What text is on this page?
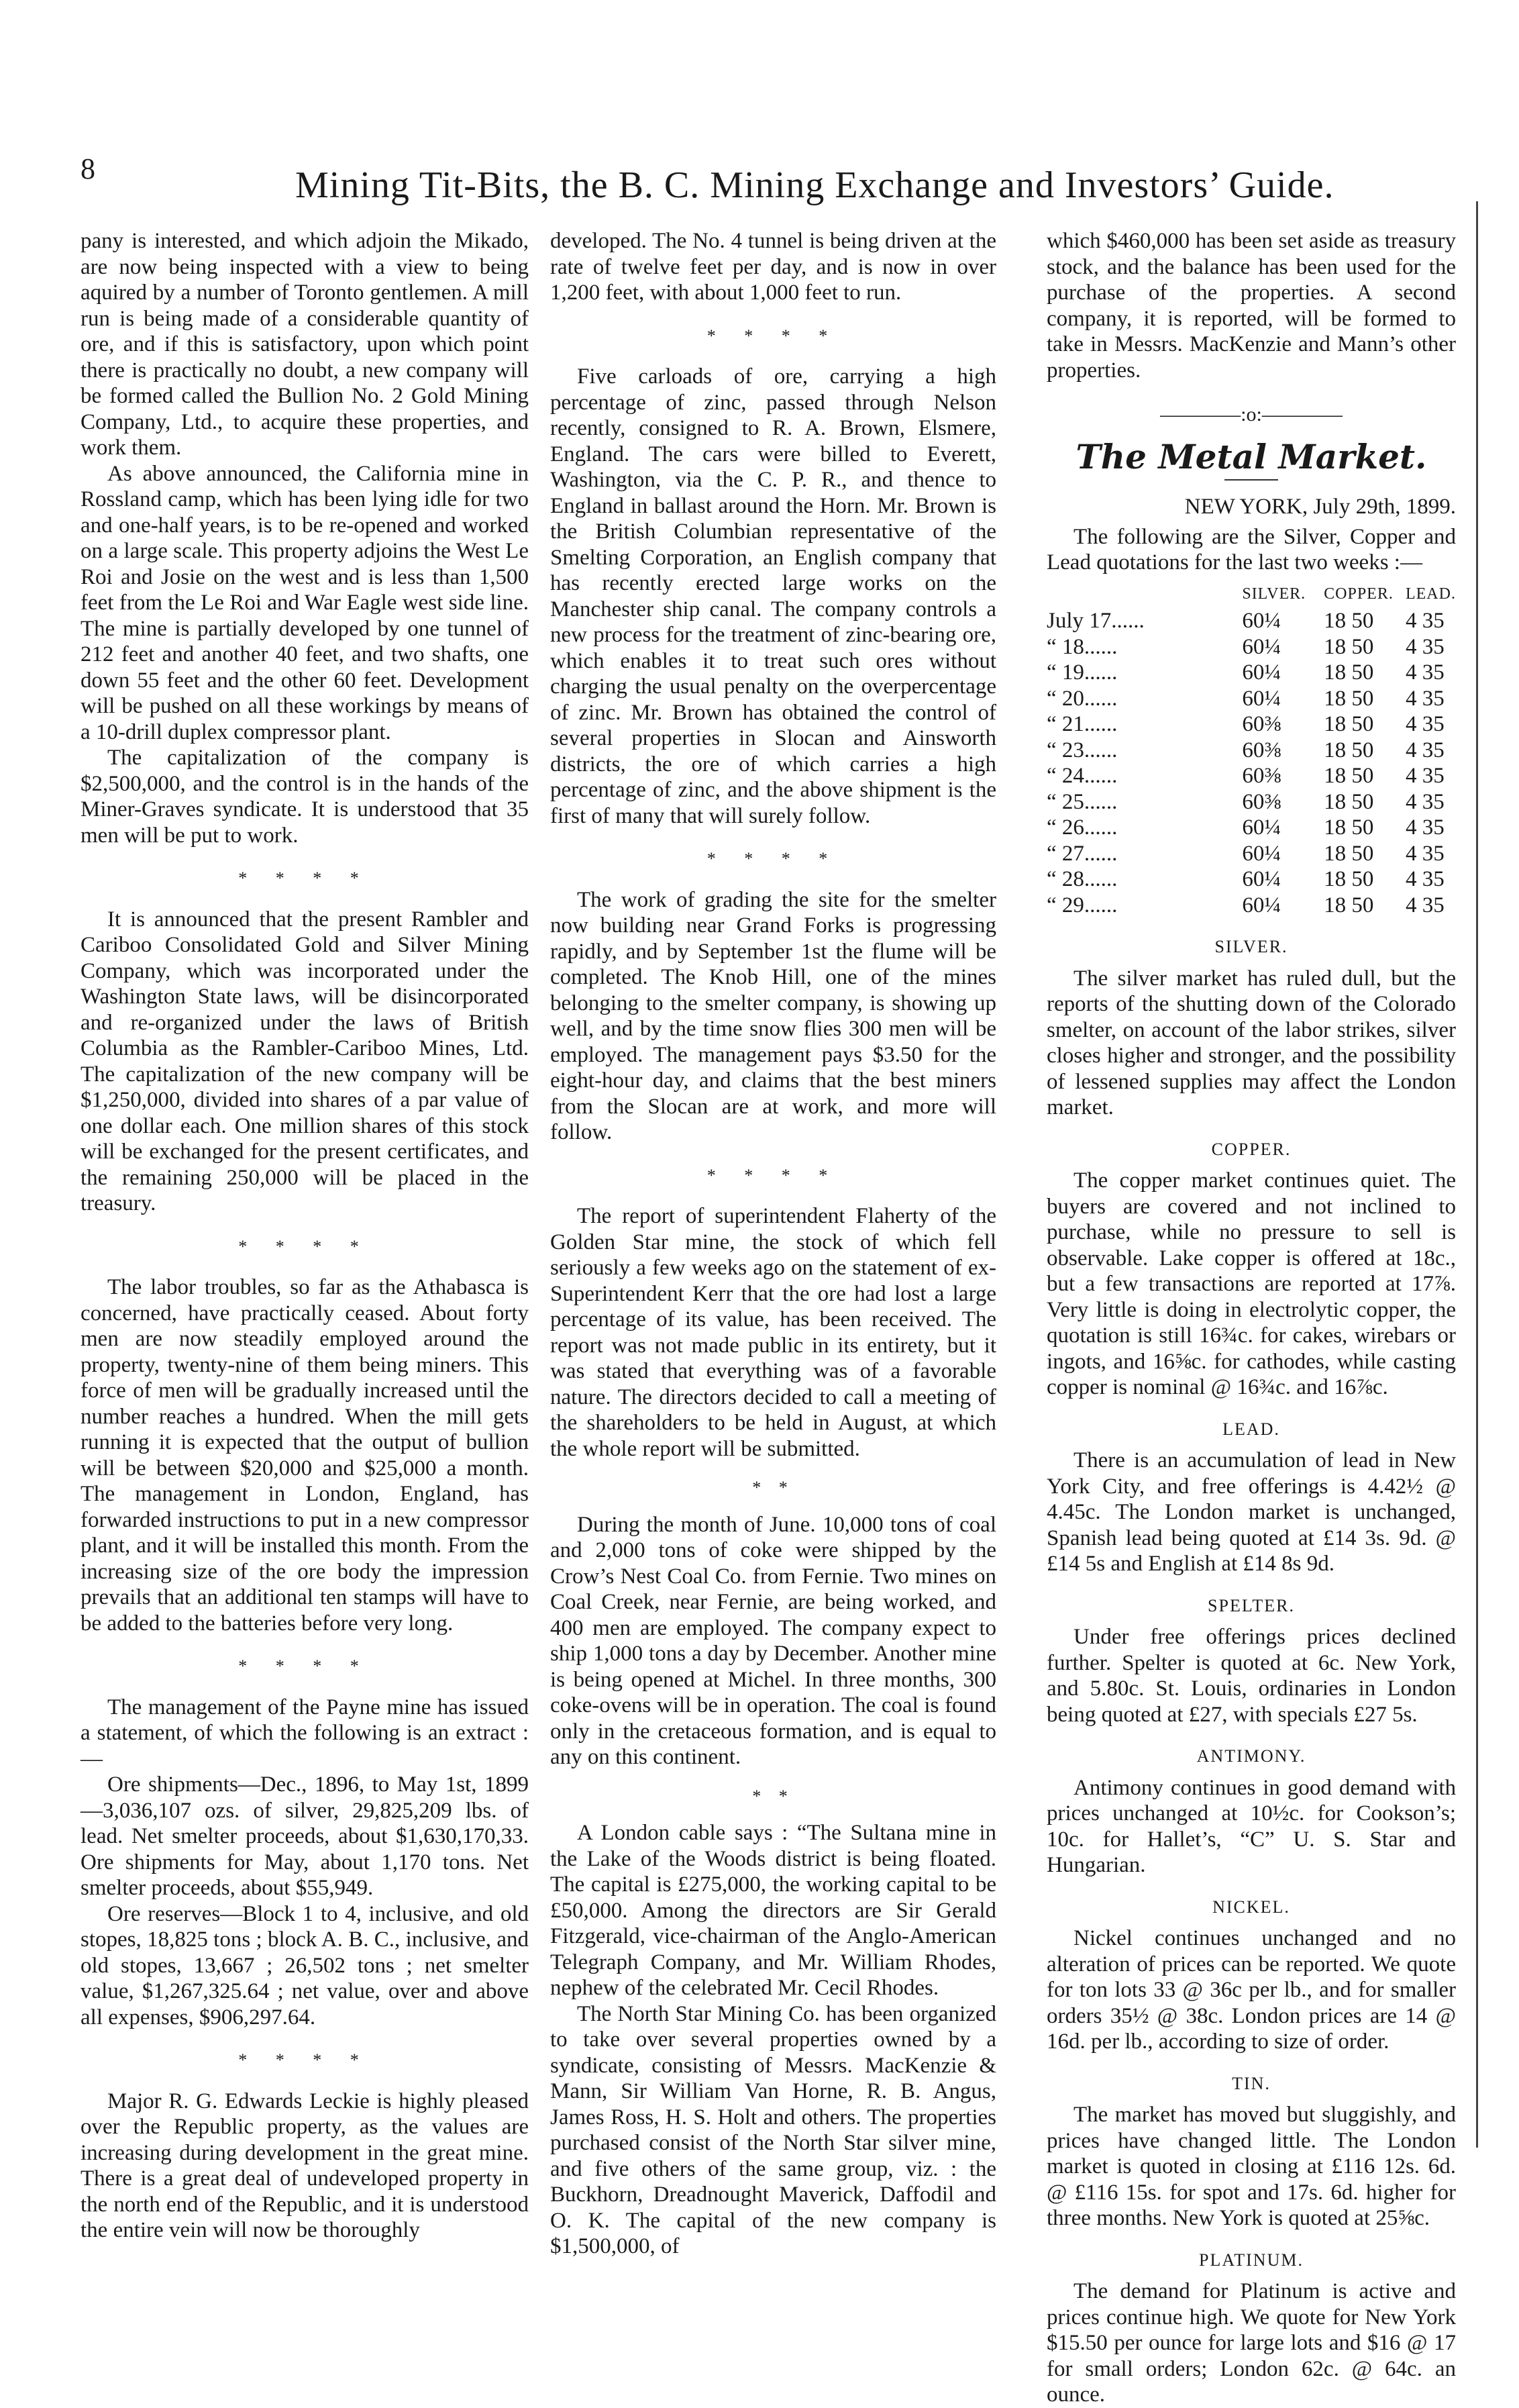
8	Mining Tit-Bits, the B. C. Mining Exchange and Investors’ Guide.

pany is interested, and which adjoin the Mikado, are now being inspected with a view to being aquired by a number of Toronto gentlemen. A mill run is being made of a considerable quantity of ore, and if this is satisfactory, upon which point there is practically no doubt, a new company will be formed called the Bullion No. 2 Gold Mining Company, Ltd., to acquire these properties, and work them.

As above announced, the California mine in Rossland camp, which has been lying idle for two and one-half years, is to be re-opened and worked on a large scale. This property adjoins the West Le Roi and Josie on the west and is less than 1,500 feet from the Le Roi and War Eagle west side line. The mine is partially developed by one tunnel of 212 feet and another 40 feet, and two shafts, one down 55 feet and the other 60 feet. Development will be pushed on all these workings by means of a 10-drill duplex compressor plant.

The capitalization of the company is $2,500,000, and the control is in the hands of the Miner-Graves syndicate. It is understood that 35 men will be put to work.

* * * *

It is announced that the present Rambler and Cariboo Consolidated Gold and Silver Mining Company, which was incorporated under the Washington State laws, will be disincorporated and re-organized under the laws of British Columbia as the Rambler-Cariboo Mines, Ltd. The capitalization of the new company will be $1,250,000, divided into shares of a par value of one dollar each. One million shares of this stock will be exchanged for the present certificates, and the remaining 250,000 will be placed in the treasury.

* * * *

The labor troubles, so far as the Athabasca is concerned, have practically ceased. About forty men are now steadily employed around the property, twenty-nine of them being miners. This force of men will be gradually increased until the number reaches a hundred. When the mill gets running it is expected that the output of bullion will be between $20,000 and $25,000 a month. The management in London, England, has forwarded instructions to put in a new compressor plant, and it will be installed this month. From the increasing size of the ore body the impression prevails that an additional ten stamps will have to be added to the batteries before very long.

* * * *

The management of the Payne mine has issued a statement, of which the following is an extract :—

Ore shipments—Dec., 1896, to May 1st, 1899—3,036,107 ozs. of silver, 29,825,209 lbs. of lead. Net smelter proceeds, about $1,630,170,33. Ore shipments for May, about 1,170 tons. Net smelter proceeds, about $55,949.

Ore reserves—Block 1 to 4, inclusive, and old stopes, 18,825 tons ; block A. B. C., inclusive, and old stopes, 13,667 ; 26,502 tons ; net smelter value, $1,267,325.64 ; net value, over and above all expenses, $906,297.64.

* * * *

Major R. G. Edwards Leckie is highly pleased over the Republic property, as the values are increasing during development in the great mine. There is a great deal of undeveloped property in the north end of the Republic, and it is understood the entire vein will now be thoroughly

developed. The No. 4 tunnel is being driven at the rate of twelve feet per day, and is now in over 1,200 feet, with about 1,000 feet to run.

* * * *

Five carloads of ore, carrying a high percentage of zinc, passed through Nelson recently, consigned to R. A. Brown, Elsmere, England. The cars were billed to Everett, Washington, via the C. P. R., and thence to England in ballast around the Horn. Mr. Brown is the British Columbian representative of the Smelting Corporation, an English company that has recently erected large works on the Manchester ship canal. The company controls a new process for the treatment of zinc-bearing ore, which enables it to treat such ores without charging the usual penalty on the overpercentage of zinc. Mr. Brown has obtained the control of several properties in Slocan and Ainsworth districts, the ore of which carries a high percentage of zinc, and the above shipment is the first of many that will surely follow.

* * * *

The work of grading the site for the smelter now building near Grand Forks is progressing rapidly, and by September 1st the flume will be completed. The Knob Hill, one of the mines belonging to the smelter company, is showing up well, and by the time snow flies 300 men will be employed. The management pays $3.50 for the eight-hour day, and claims that the best miners from the Slocan are at work, and more will follow.

* * * *

The report of superintendent Flaherty of the Golden Star mine, the stock of which fell seriously a few weeks ago on the statement of ex-Superintendent Kerr that the ore had lost a large percentage of its value, has been received. The report was not made public in its entirety, but it was stated that everything was of a favorable nature. The directors decided to call a meeting of the shareholders to be held in August, at which the whole report will be submitted.

* *

During the month of June. 10,000 tons of coal and 2,000 tons of coke were shipped by the Crow’s Nest Coal Co. from Fernie. Two mines on Coal Creek, near Fernie, are being worked, and 400 men are employed. The company expect to ship 1,000 tons a day by December. Another mine is being opened at Michel. In three months, 300 coke-ovens will be in operation. The coal is found only in the cretaceous formation, and is equal to any on this continent.

* *

A London cable says : “The Sultana mine in the Lake of the Woods district is being floated. The capital is £275,000, the working capital to be £50,000. Among the directors are Sir Gerald Fitzgerald, vice-chairman of the Anglo-American Telegraph Company, and Mr. William Rhodes, nephew of the celebrated Mr. Cecil Rhodes.

The North Star Mining Co. has been organized to take over several properties owned by a syndicate, consisting of Messrs. MacKenzie & Mann, Sir William Van Horne, R. B. Angus, James Ross, H. S. Holt and others. The properties purchased consist of the North Star silver mine, and five others of the same group, viz. : the Buckhorn, Dreadnought Maverick, Daffodil and O. K. The capital of the new company is $1,500,000, of

which $460,000 has been set aside as treasury stock, and the balance has been used for the purchase of the properties. A second company, it is reported, will be formed to take in Messrs. MacKenzie and Mann’s other properties.

————:o:————
The Metal Market.
NEW YORK, July 29th, 1899.

The following are the Silver, Copper and Lead quotations for the last two weeks :—

	SILVER.	COPPER.	LEAD.
July 17......	60¼	18 50	4 35
“ 18......	60¼	18 50	4 35
“ 19......	60¼	18 50	4 35
“ 20......	60¼	18 50	4 35
“ 21......	60⅜	18 50	4 35
“ 23......	60⅜	18 50	4 35
“ 24......	60⅜	18 50	4 35
“ 25......	60⅜	18 50	4 35
“ 26......	60¼	18 50	4 35
“ 27......	60¼	18 50	4 35
“ 28......	60¼	18 50	4 35
“ 29......	60¼	18 50	4 35
SILVER.

The silver market has ruled dull, but the reports of the shutting down of the Colorado smelter, on account of the labor strikes, silver closes higher and stronger, and the possibility of lessened supplies may affect the London market.

COPPER.

The copper market continues quiet. The buyers are covered and not inclined to purchase, while no pressure to sell is observable. Lake copper is offered at 18c., but a few transactions are reported at 17⅞. Very little is doing in electrolytic copper, the quotation is still 16¾c. for cakes, wirebars or ingots, and 16⅝c. for cathodes, while casting copper is nominal @ 16¾c. and 16⅞c.

LEAD.

There is an accumulation of lead in New York City, and free offerings is 4.42½ @ 4.45c. The London market is unchanged, Spanish lead being quoted at £14 3s. 9d. @ £14 5s and English at £14 8s 9d.

SPELTER.

Under free offerings prices declined further. Spelter is quoted at 6c. New York, and 5.80c. St. Louis, ordinaries in London being quoted at £27, with specials £27 5s.

ANTIMONY.

Antimony continues in good demand with prices unchanged at 10½c. for Cookson’s; 10c. for Hallet’s, “C” U. S. Star and Hungarian.

NICKEL.

Nickel continues unchanged and no alteration of prices can be reported. We quote for ton lots 33 @ 36c per lb., and for smaller orders 35½ @ 38c. London prices are 14 @ 16d. per lb., according to size of order.

TIN.

The market has moved but sluggishly, and prices have changed little. The London market is quoted in closing at £116 12s. 6d. @ £116 15s. for spot and 17s. 6d. higher for three months. New York is quoted at 25⅝c.

PLATINUM.

The demand for Platinum is active and prices continue high. We quote for New York $15.50 per ounce for large lots and $16 @ 17 for small orders; London 62c. @ 64c. an ounce.
